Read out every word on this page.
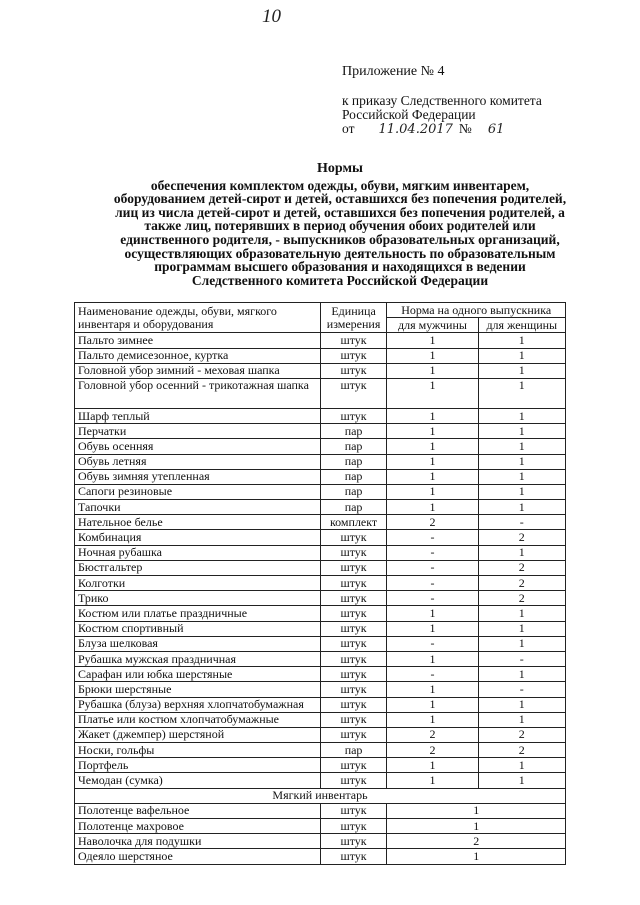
10
Приложение № 4
к приказу Следственного комитета
Российской Федерации
от 11.04.2017 № 61
Нормы
обеспечения комплектом одежды, обуви, мягким инвентарем,
оборудованием детей-сирот и детей, оставшихся без попечения родителей,
лиц из числа детей-сирот и детей, оставшихся без попечения родителей, а
также лиц, потерявших в период обучения обоих родителей или
единственного родителя, - выпускников образовательных организаций,
осуществляющих образовательную деятельность по образовательным
программам высшего образования и находящихся в ведении
Следственного комитета Российской Федерации
Наименование одежды, обуви, мягкого инвентаря и оборудования	Единица измерения	Норма на одного выпускника	
		для мужчины	для женщины
Пальто зимнее	штук	1	1
Пальто демисезонное, куртка	штук	1	1
Головной убор зимний - меховая шапка	штук	1	1
Головной убор осенний - трикотажная шапка	штук	1	1
Шарф теплый	штук	1	1
Перчатки	пар	1	1
Обувь осенняя	пар	1	1
Обувь летняя	пар	1	1
Обувь зимняя утепленная	пар	1	1
Сапоги резиновые	пар	1	1
Тапочки	пар	1	1
Нательное белье	комплект	2	-
Комбинация	штук	-	2
Ночная рубашка	штук	-	1
Бюстгальтер	штук	-	2
Колготки	штук	-	2
Трико	штук	-	2
Костюм или платье праздничные	штук	1	1
Костюм спортивный	штук	1	1
Блуза шелковая	штук	-	1
Рубашка мужская праздничная	штук	1	-
Сарафан или юбка шерстяные	штук	-	1
Брюки шерстяные	штук	1	-
Рубашка (блуза) верхняя хлопчатобумажная	штук	1	1
Платье или костюм хлопчатобумажные	штук	1	1
Жакет (джемпер) шерстяной	штук	2	2
Носки, гольфы	пар	2	2
Портфель	штук	1	1
Чемодан (сумка)	штук	1	1
Мягкий инвентарь			
Полотенце вафельное	штук	1	
Полотенце махровое	штук	1	
Наволочка для подушки	штук	2	
Одеяло шерстяное	штук	1	
